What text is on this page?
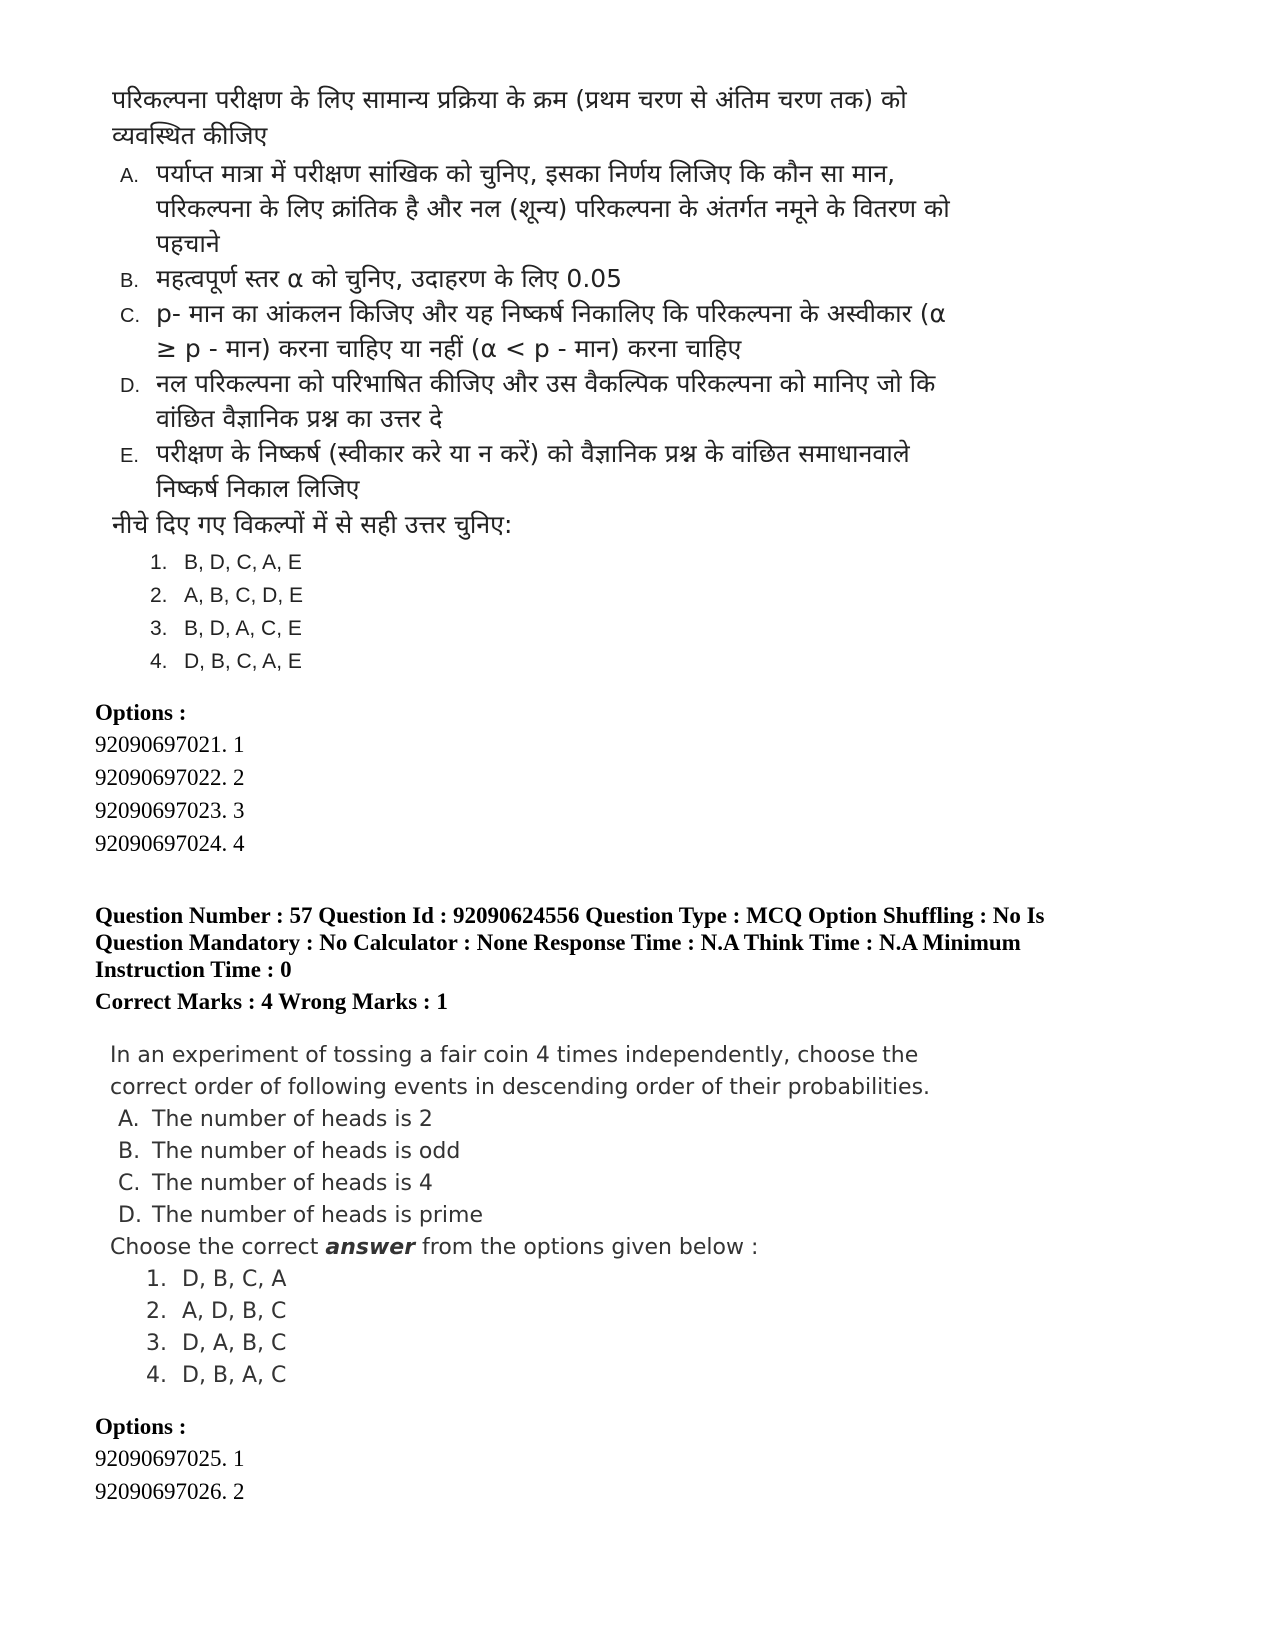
परिकल्पना परीक्षण के लिए सामान्य प्रक्रिया के क्रम (प्रथम चरण से अंतिम चरण तक) को व्यवस्थित कीजिए
A. पर्याप्त मात्रा में परीक्षण सांखिक को चुनिए, इसका निर्णय लिजिए कि कौन सा मान, परिकल्पना के लिए क्रांतिक है और नल (शून्य) परिकल्पना के अंतर्गत नमूने के वितरण को पहचाने
B. महत्वपूर्ण स्तर α को चुनिए, उदाहरण के लिए 0.05
C. p- मान का आंकलन किजिए और यह निष्कर्ष निकालिए कि परिकल्पना के अस्वीकार (α ≥ p - मान) करना चाहिए या नहीं (α < p - मान) करना चाहिए
D. नल परिकल्पना को परिभाषित कीजिए और उस वैकल्पिक परिकल्पना को मानिए जो कि वांछित वैज्ञानिक प्रश्न का उत्तर दे
E. परीक्षण के निष्कर्ष (स्वीकार करे या न करें) को वैज्ञानिक प्रश्न के वांछित समाधानवाले निष्कर्ष निकाल लिजिए
नीचे दिए गए विकल्पों में से सही उत्तर चुनिए:
1. B, D, C, A, E
2. A, B, C, D, E
3. B, D, A, C, E
4. D, B, C, A, E
Options :
92090697021. 1
92090697022. 2
92090697023. 3
92090697024. 4
Question Number : 57 Question Id : 92090624556 Question Type : MCQ Option Shuffling : No Is
Question Mandatory : No Calculator : None Response Time : N.A Think Time : N.A Minimum
Instruction Time : 0
Correct Marks : 4 Wrong Marks : 1
In an experiment of tossing a fair coin 4 times independently, choose the
correct order of following events in descending order of their probabilities.
A. The number of heads is 2
B. The number of heads is odd
C. The number of heads is 4
D. The number of heads is prime
Choose the correct answer from the options given below :
1. D, B, C, A
2. A, D, B, C
3. D, A, B, C
4. D, B, A, C
Options :
92090697025. 1
92090697026. 2
